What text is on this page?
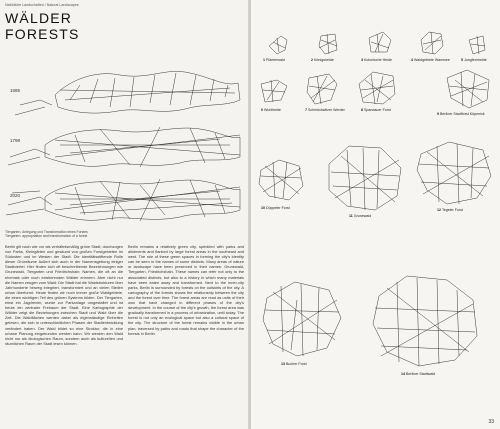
Natürliche Landschaften / Natural Landscapes
WÄLDER
FORESTS
1685
1798
2020
Tiergarten, Anlegung und Transformation eines Forstes
Tiergarten: appropriation and transformation of a forest

Berlin gilt nach wie vor als verhältnismäßig grüne Stadt, durchzogen von Parks, Kleingärten und gesäumt von großen Forstgebieten im Südosten und im Westen der Stadt. Die identitätsstiftende Rolle dieser Grünräume äußert sich auch in der Namensgebung einiger Stadtviertel. Hier finden sich oft beschreibende Bezeichnungen wie Grunewald, Tiergarten und Friedrichshain: Namen, die oft an die ehemals oder noch existierenden Wälder erinnern. Aber nicht nur die Namen zeugen vom Wald: Die Stadt hat die Waldstrukturen über Jahrhunderte hinweg integriert, transformiert und an vielen Stellen urban überformt. Heute finden wir noch immer große Waldgebiete, die einen wichtigen Teil des grünen Systems bilden. Der Tiergarten, einst ein Jagdrevier, wurde zur Parkanlage umgestaltet und ist heute ein zentraler Freiraum der Stadt. Eine Kartographie der Wälder zeigt die Beziehungen zwischen Stadt und Wald über die Zeit. Die Waldflächen werden dabei als eigenständige Einheiten gelesen, die sich in unterschiedlichen Phasen der Stadtentwicklung verändert haben. Der Wald bildet so eine Struktur, die in eine urbane Planung eingebunden werden kann. Wir werden den Wald nicht nur als ökologischen Raum, sondern auch als kulturellen und räumlichen Raum der Stadt lesen können.

Berlin remains a relatively green city, sprinkled with parks and allotments and flanked by large forest areas in the southeast and west. The role of these green spaces in forming the city's identity can be seen in the names of some districts. Many areas of nature or landscape have been preserved in their names: Grunewald, Tiergarten, Friedrichshain. These names can refer not only to the associated districts, but also to a history in which many materials have been eaten away and transformed. Next to the inner-city parks, Berlin is surrounded by forests on the outskirts of the city. A cartography of the forests shows the relationship between the city and the forest over time. The forest areas are read as units of their own that have changed in different phases of the city's development. In the course of the city's growth, the forest area was gradually transformed in a process of urbanization, until today. The forest is not only an ecological space but also a cultural space of the city. The structure of the forest remains visible in the urban plan, traversed by paths and roads that shape the character of the forests in Berlin.

1 Plänterwald	2 Königsheide	3 Kolonische Heide	4 Waldgebiete Wannsee	5 Jungfernheide
6 Wuhlheide	7 Schmöckwitzer Werder	8 Spandauer Forst
9 Berliner Stadtforst Köpenick
10 Düppeler Forst
11 Grunewald
12 Tegeler Forst
13 Bucher Forst
14 Berliner Stadtwald
33
